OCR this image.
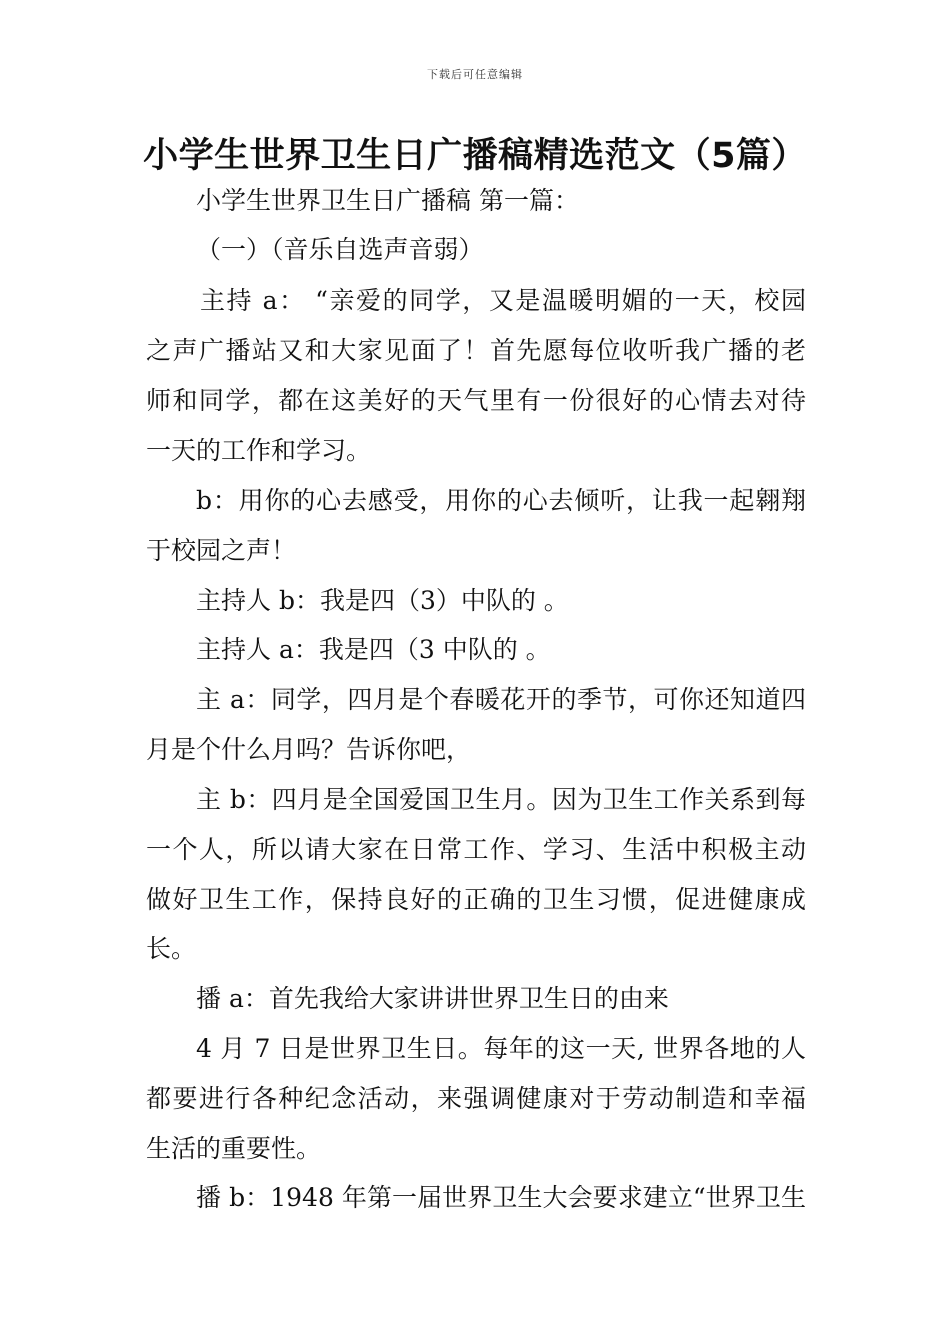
下载后可任意编辑
小学生世界卫生日广播稿精选范文（5篇）
小学生世界卫生日广播稿 第一篇：
（一）（音乐自选声音弱）
主持 a： “亲爱的同学，又是温暖明媚的一天，校园
之声广播站又和大家见面了！首先愿每位收听我广播的老
师和同学，都在这美好的天气里有一份很好的心情去对待
一天的工作和学习。
b：用你的心去感受，用你的心去倾听，让我一起翱翔
于校园之声！
主持人 b：我是四（3）中队的 。
主持人 a：我是四（3 中队的 。
主 a：同学，四月是个春暖花开的季节，可你还知道四
月是个什么月吗？告诉你吧，
主 b：四月是全国爱国卫生月。因为卫生工作关系到每
一个人，所以请大家在日常工作、学习、生活中积极主动
做好卫生工作，保持良好的正确的卫生习惯，促进健康成
长。
播 a：首先我给大家讲讲世界卫生日的由来
4 月 7 日是世界卫生日。每年的这一天, 世界各地的人
都要进行各种纪念活动，来强调健康对于劳动制造和幸福
生活的重要性。
播 b：1948 年第一届世界卫生大会要求建立“世界卫生
